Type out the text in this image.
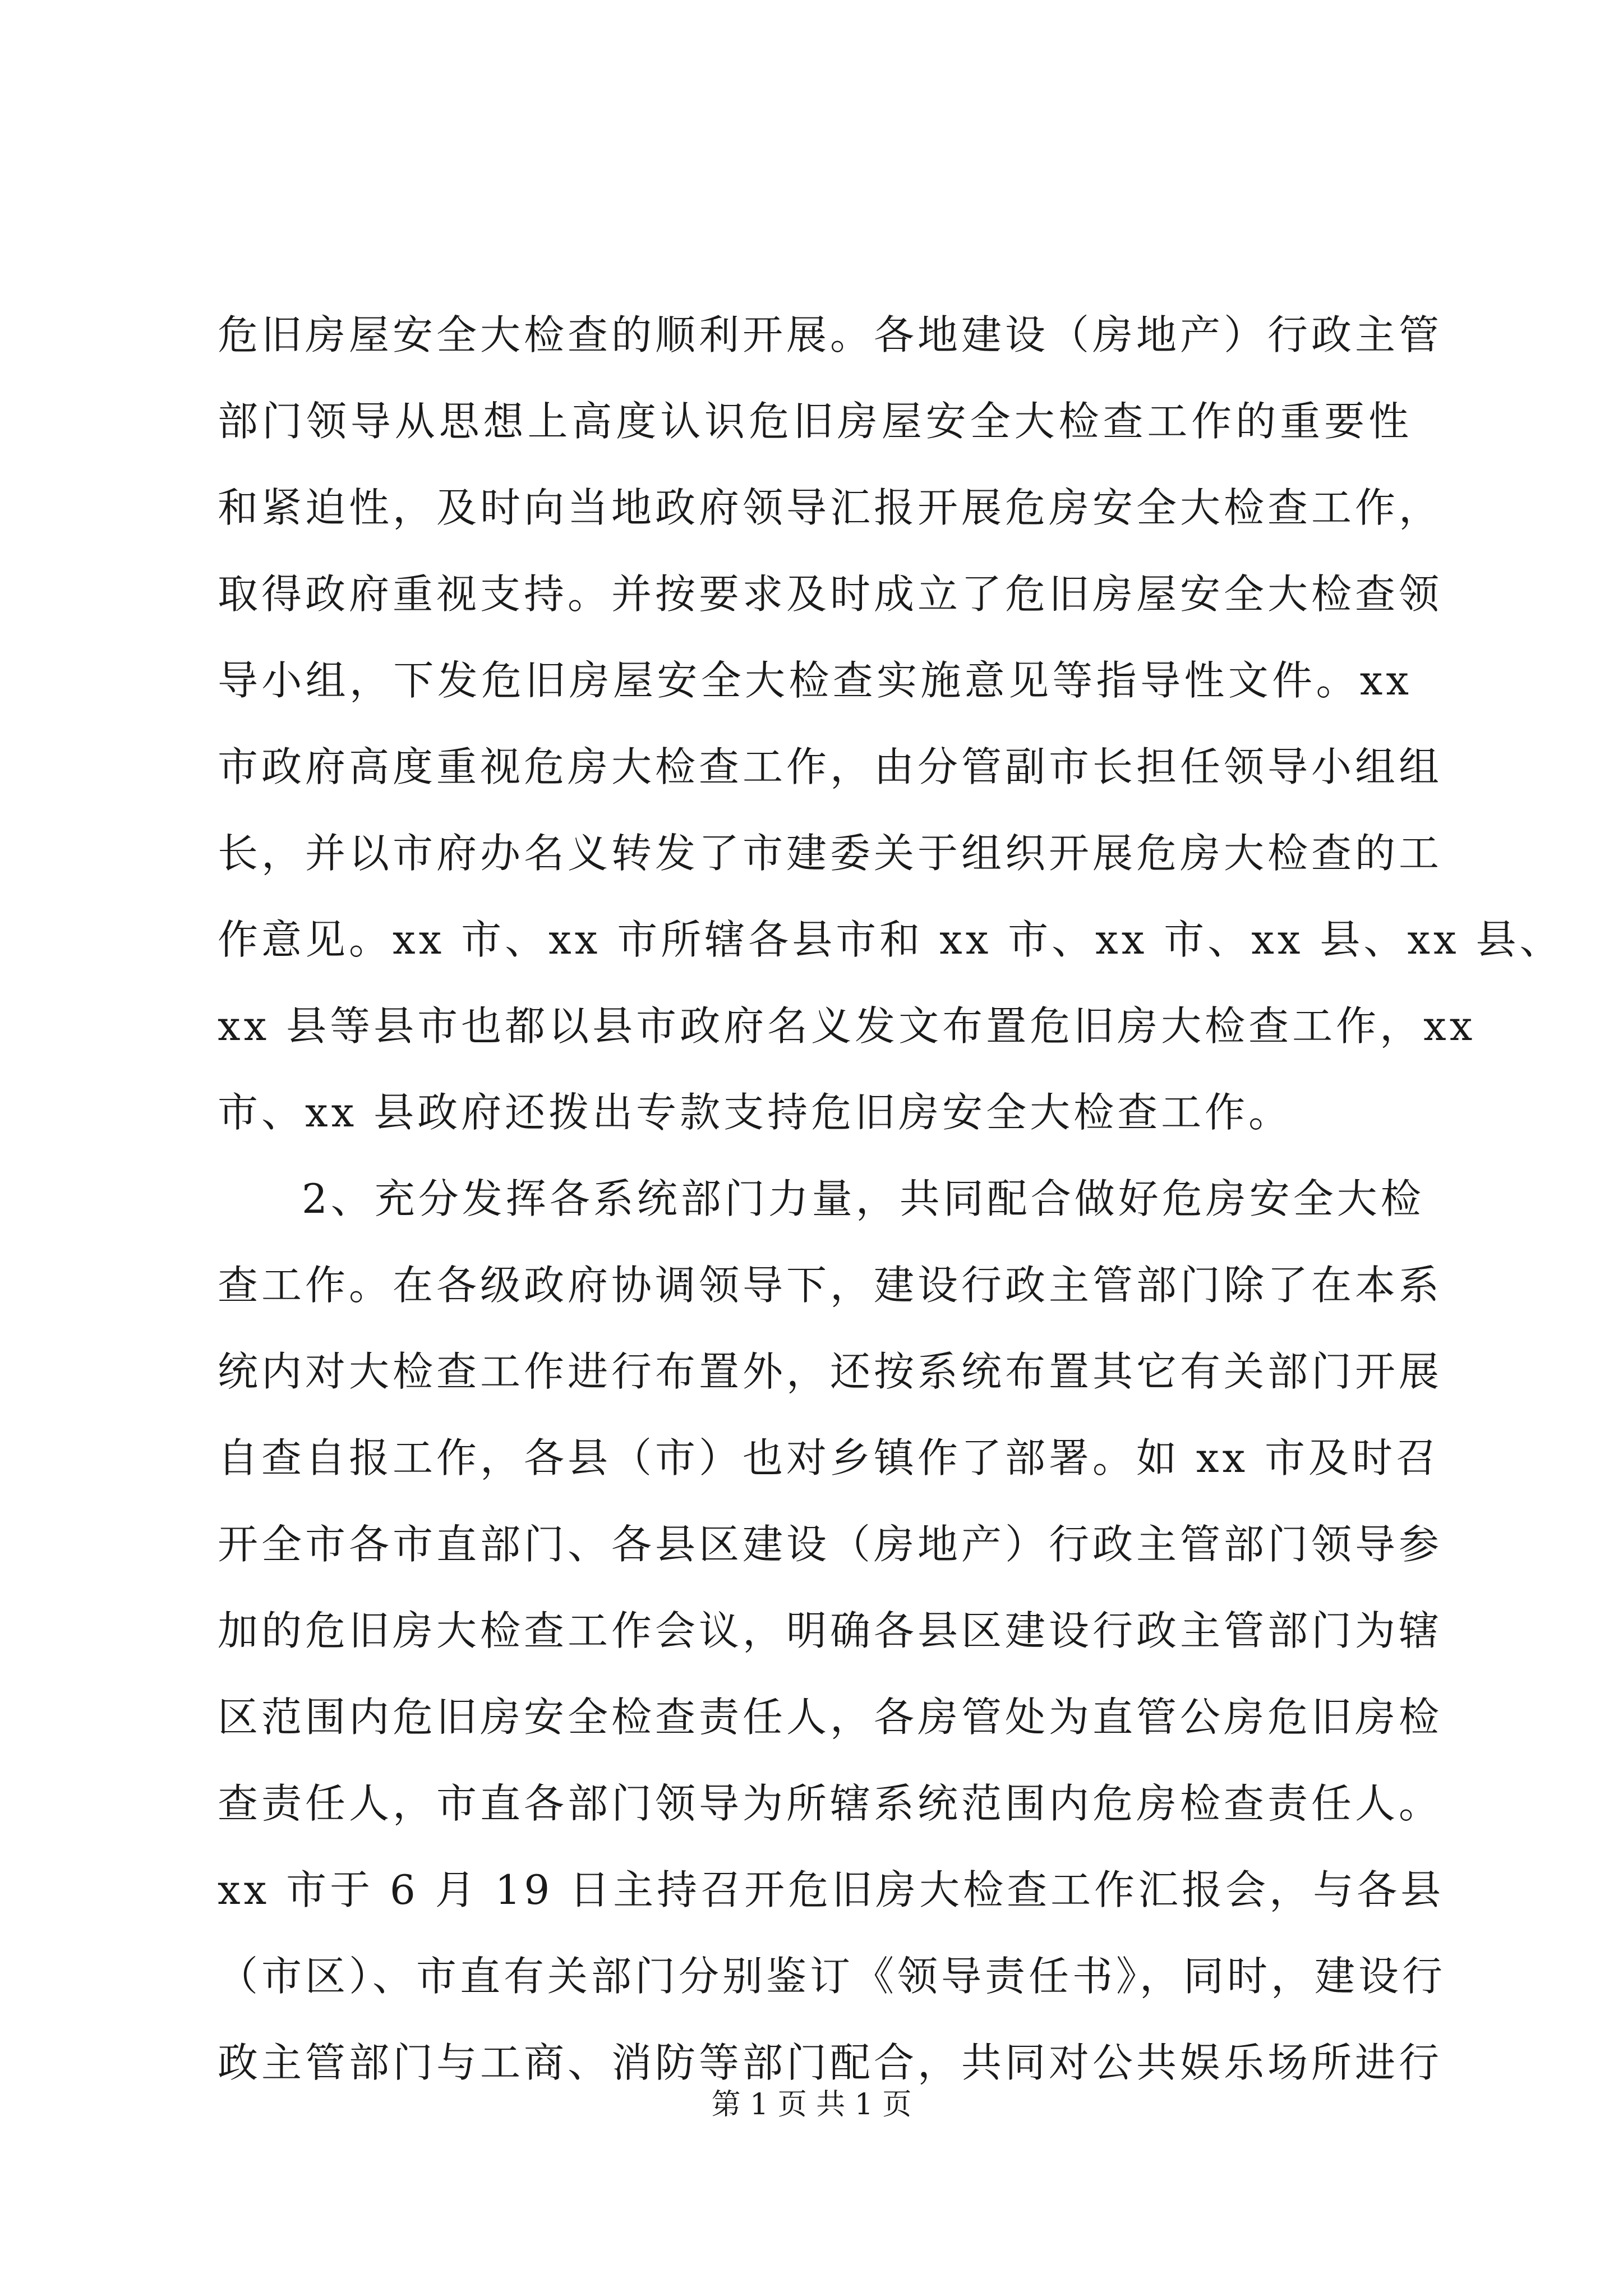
危旧房屋安全大检查的顺利开展。各地建设（房地产）行政主管
部门领导从思想上高度认识危旧房屋安全大检查工作的重要性
和紧迫性，及时向当地政府领导汇报开展危房安全大检查工作，
取得政府重视支持。并按要求及时成立了危旧房屋安全大检查领
导小组，下发危旧房屋安全大检查实施意见等指导性文件。xx
市政府高度重视危房大检查工作，由分管副市长担任领导小组组
长，并以市府办名义转发了市建委关于组织开展危房大检查的工
作意见。xx 市、xx 市所辖各县市和 xx 市、xx 市、xx 县、xx 县、
xx 县等县市也都以县市政府名义发文布置危旧房大检查工作，xx
市、xx 县政府还拨出专款支持危旧房安全大检查工作。
2、充分发挥各系统部门力量，共同配合做好危房安全大检
查工作。在各级政府协调领导下，建设行政主管部门除了在本系
统内对大检查工作进行布置外，还按系统布置其它有关部门开展
自查自报工作，各县（市）也对乡镇作了部署。如 xx 市及时召
开全市各市直部门、各县区建设（房地产）行政主管部门领导参
加的危旧房大检查工作会议，明确各县区建设行政主管部门为辖
区范围内危旧房安全检查责任人，各房管处为直管公房危旧房检
查责任人，市直各部门领导为所辖系统范围内危房检查责任人。
xx 市于 6 月 19 日主持召开危旧房大检查工作汇报会，与各县
（市区）、市直有关部门分别鉴订《领导责任书》，同时，建设行
政主管部门与工商、消防等部门配合，共同对公共娱乐场所进行
第 1 页 共 1 页
